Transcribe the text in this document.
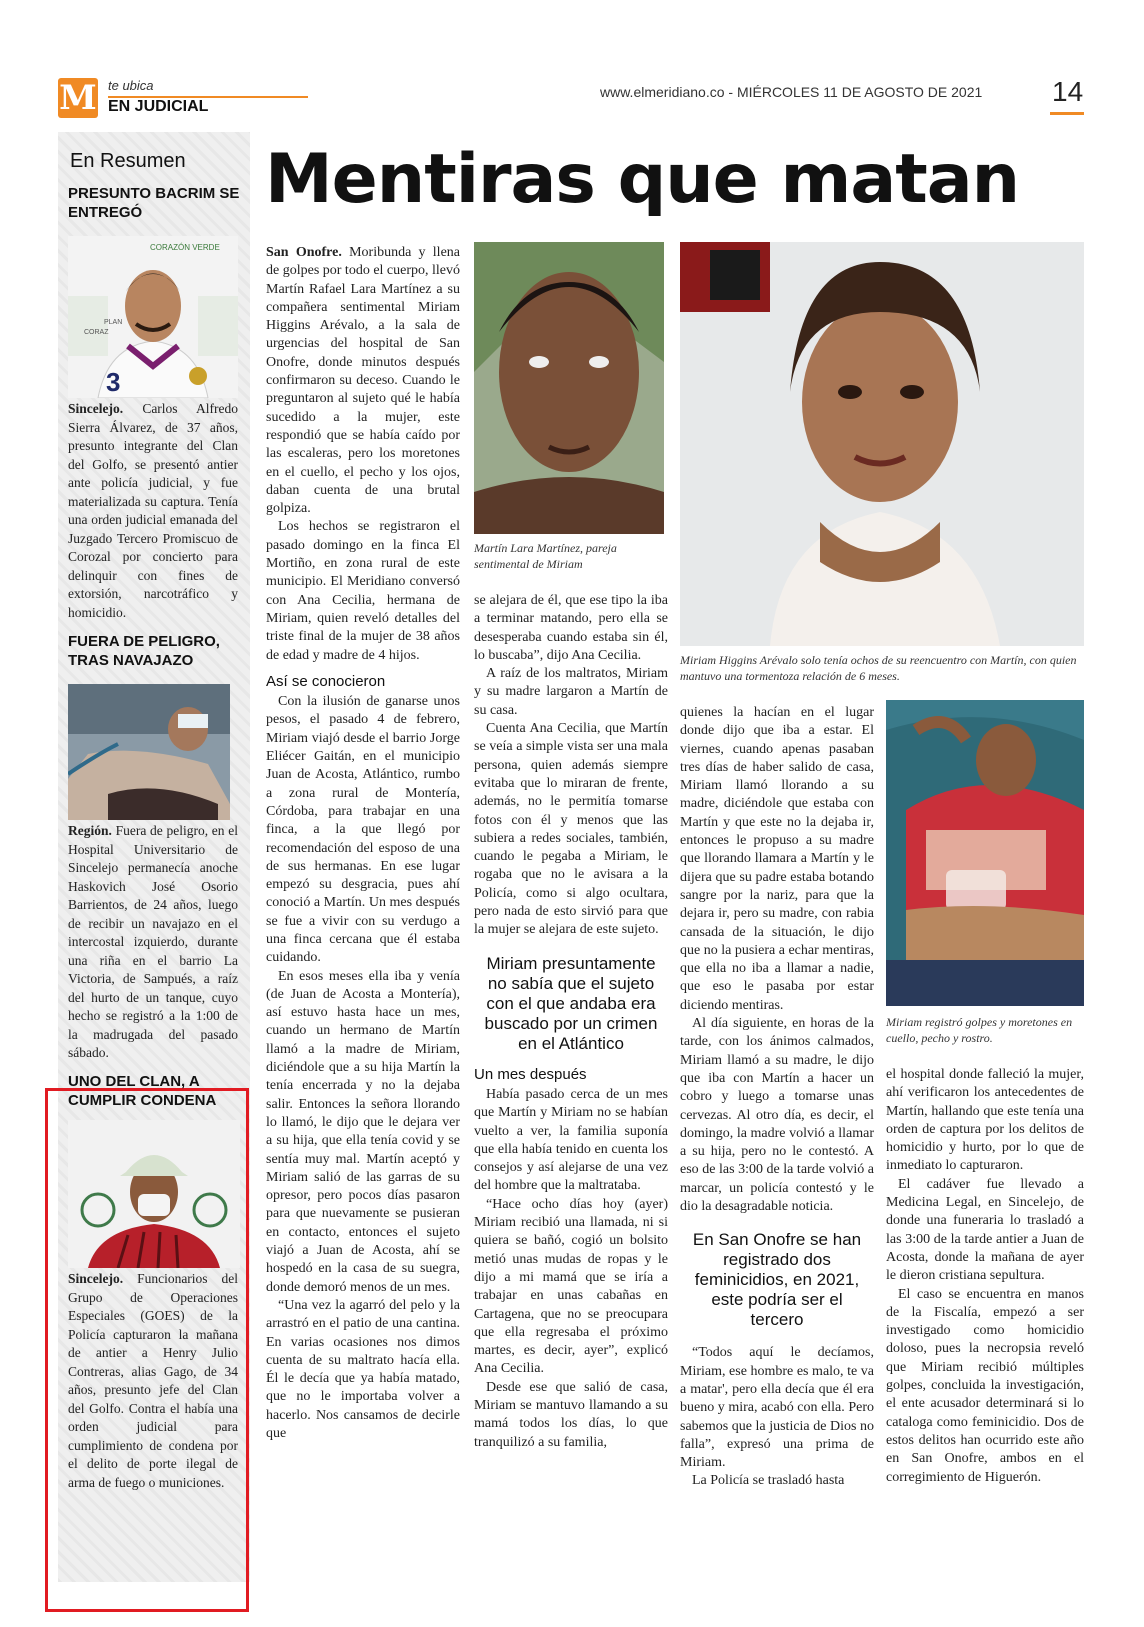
M te ubica
EN JUDICIAL
www.elmeridiano.co - MIÉRCOLES 11 DE AGOSTO DE 2021 14
En Resumen
PRESUNTO BACRIM SE ENTREGÓ
CORAZÓN VERDE
3
PLAN
CORAZ
Sincelejo. Carlos Alfredo Sierra Álvarez, de 37 años, presunto integrante del Clan del Golfo, se presentó antier ante policía judicial, y fue materializada su captura. Tenía una orden judicial emanada del Juzgado Tercero Promiscuo de Corozal por concierto para delinquir con fines de extorsión, narcotráfico y homicidio.
FUERA DE PELIGRO, TRAS NAVAJAZO
Región. Fuera de peligro, en el Hospital Universitario de Sincelejo permanecía anoche Haskovich José Osorio Barrientos, de 24 años, luego de recibir un navajazo en el intercostal izquierdo, durante una riña en el barrio La Victoria, de Sampués, a raíz del hurto de un tanque, cuyo hecho se registró a la 1:00 de la madrugada del pasado sábado.
UNO DEL CLAN, A CUMPLIR CONDENA
Sincelejo. Funcionarios del Grupo de Operaciones Especiales (GOES) de la Policía capturaron la mañana de antier a Henry Julio Contreras, alias Gago, de 34 años, presunto jefe del Clan del Golfo. Contra el había una orden judicial para cumplimiento de condena por el delito de porte ilegal de arma de fuego o municiones.
Mentiras que matan
Martín Lara Martínez, pareja sentimental de Miriam
Miriam Higgins Arévalo solo tenía ochos de su reencuentro con Martín, con quien mantuvo una tormentoza relación de 6 meses.
Miriam registró golpes y moretones en cuello, pecho y rostro.

San Onofre. Moribunda y llena de golpes por todo el cuerpo, llevó Martín Rafael Lara Martínez a su compañera sentimental Miriam Higgins Arévalo, a la sala de urgencias del hospital de San Onofre, donde minutos después confirmaron su deceso. Cuando le preguntaron al sujeto qué le había sucedido a la mujer, este respondió que se había caído por las escaleras, pero los moretones en el cuello, el pecho y los ojos, daban cuenta de una brutal golpiza.

Los hechos se registraron el pasado domingo en la finca El Mortiño, en zona rural de este municipio. El Meridiano conversó con Ana Cecilia, hermana de Miriam, quien reveló detalles del triste final de la mujer de 38 años de edad y madre de 4 hijos.

Así se conocieron

Con la ilusión de ganarse unos pesos, el pasado 4 de febrero, Miriam viajó desde el barrio Jorge Eliécer Gaitán, en el municipio Juan de Acosta, Atlántico, rumbo a zona rural de Montería, Córdoba, para trabajar en una finca, a la que llegó por recomendación del esposo de una de sus hermanas. En ese lugar empezó su desgracia, pues ahí conoció a Martín. Un mes después se fue a vivir con su verdugo a una finca cercana que él estaba cuidando.

En esos meses ella iba y venía (de Juan de Acosta a Montería), así estuvo hasta hace un mes, cuando un hermano de Martín llamó a la madre de Miriam, diciéndole que a su hija Martín la tenía encerrada y no la dejaba salir. Entonces la señora llorando lo llamó, le dijo que le dejara ver a su hija, que ella tenía covid y se sentía muy mal. Martín aceptó y Miriam salió de las garras de su opresor, pero pocos días pasaron para que nuevamente se pusieran en contacto, entonces el sujeto viajó a Juan de Acosta, ahí se hospedó en la casa de su suegra, donde demoró menos de un mes.

“Una vez la agarró del pelo y la arrastró en el patio de una cantina. En varias ocasiones nos dimos cuenta de su maltrato hacía ella. Él le decía que ya había matado, que no le importaba volver a hacerlo. Nos cansamos de decirle que

se alejara de él, que ese tipo la iba a terminar matando, pero ella se desesperaba cuando estaba sin él, lo buscaba”, dijo Ana Cecilia.

A raíz de los maltratos, Miriam y su madre largaron a Martín de su casa.

Cuenta Ana Cecilia, que Martín se veía a simple vista ser una mala persona, quien además siempre evitaba que lo miraran de frente, además, no le permitía tomarse fotos con él y menos que las subiera a redes sociales, también, cuando le pegaba a Miriam, le rogaba que no le avisara a la Policía, como si algo ocultara, pero nada de esto sirvió para que la mujer se alejara de este sujeto.

Miriam presuntamente no sabía que el sujeto con el que andaba era buscado por un crimen en el Atlántico
Un mes después

Había pasado cerca de un mes que Martín y Miriam no se habían vuelto a ver, la familia suponía que ella había tenido en cuenta los consejos y así alejarse de una vez del hombre que la maltrataba.

“Hace ocho días hoy (ayer) Miriam recibió una llamada, ni si quiera se bañó, cogió un bolsito metió unas mudas de ropas y le dijo a mi mamá que se iría a trabajar en unas cabañas en Cartagena, que no se preocupara que ella regresaba el próximo martes, es decir, ayer”, explicó Ana Cecilia.

Desde ese que salió de casa, Miriam se mantuvo llamando a su mamá todos los días, lo que tranquilizó a su familia,

quienes la hacían en el lugar donde dijo que iba a estar. El viernes, cuando apenas pasaban tres días de haber salido de casa, Miriam llamó llorando a su madre, diciéndole que estaba con Martín y que este no la dejaba ir, entonces le propuso a su madre que llorando llamara a Martín y le dijera que su padre estaba botando sangre por la nariz, para que la dejara ir, pero su madre, con rabia cansada de la situación, le dijo que no la pusiera a echar mentiras, que ella no iba a llamar a nadie, que eso le pasaba por estar diciendo mentiras.

Al día siguiente, en horas de la tarde, con los ánimos calmados, Miriam llamó a su madre, le dijo que iba con Martín a hacer un cobro y luego a tomarse unas cervezas. Al otro día, es decir, el domingo, la madre volvió a llamar a su hija, pero no le contestó. A eso de las 3:00 de la tarde volvió a marcar, un policía contestó y le dio la desagradable noticia.

En San Onofre se han registrado dos feminicidios, en 2021, este podría ser el tercero

“Todos aquí le decíamos, Miriam, ese hombre es malo, te va a matar', pero ella decía que él era bueno y mira, acabó con ella. Pero sabemos que la justicia de Dios no falla”, expresó una prima de Miriam.

La Policía se trasladó hasta

el hospital donde falleció la mujer, ahí verificaron los antecedentes de Martín, hallando que este tenía una orden de captura por los delitos de homicidio y hurto, por lo que de inmediato lo capturaron.

El cadáver fue llevado a Medicina Legal, en Sincelejo, de donde una funeraria lo trasladó a las 3:00 de la tarde antier a Juan de Acosta, donde la mañana de ayer le dieron cristiana sepultura.

El caso se encuentra en manos de la Fiscalía, empezó a ser investigado como homicidio doloso, pues la necropsia reveló que Miriam recibió múltiples golpes, concluida la investigación, el ente acusador determinará si lo cataloga como feminicidio. Dos de estos delitos han ocurrido este año en San Onofre, ambos en el corregimiento de Higuerón.
